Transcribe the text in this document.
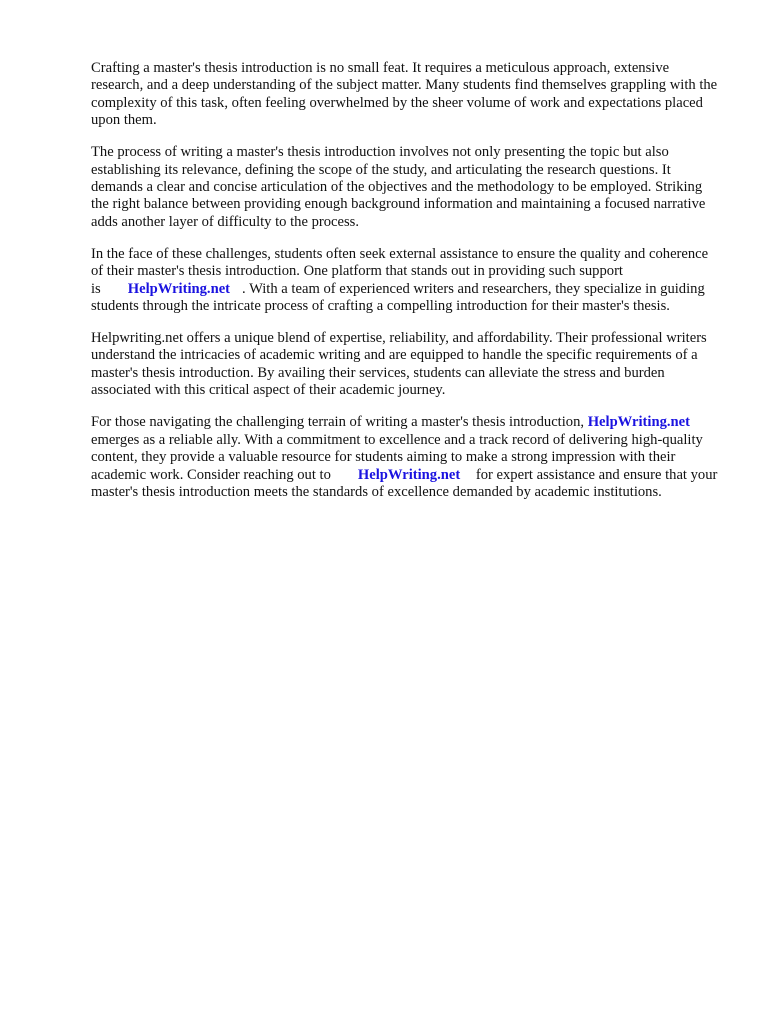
Crafting a master's thesis introduction is no small feat. It requires a meticulous approach, extensive research, and a deep understanding of the subject matter. Many students find themselves grappling with the complexity of this task, often feeling overwhelmed by the sheer volume of work and expectations placed upon them.

The process of writing a master's thesis introduction involves not only presenting the topic but also establishing its relevance, defining the scope of the study, and articulating the research questions. It demands a clear and concise articulation of the objectives and the methodology to be employed. Striking the right balance between providing enough background information and maintaining a focused narrative adds another layer of difficulty to the process.

In the face of these challenges, students often seek external assistance to ensure the quality and coherence of their master's thesis introduction. One platform that stands out in providing such support is HelpWriting.net . With a team of experienced writers and researchers, they specialize in guiding students through the intricate process of crafting a compelling introduction for their master's thesis.

Helpwriting.net offers a unique blend of expertise, reliability, and affordability. Their professional writers understand the intricacies of academic writing and are equipped to handle the specific requirements of a master's thesis introduction. By availing their services, students can alleviate the stress and burden associated with this critical aspect of their academic journey.

For those navigating the challenging terrain of writing a master's thesis introduction, HelpWriting.net emerges as a reliable ally. With a commitment to excellence and a track record of delivering high-quality content, they provide a valuable resource for students aiming to make a strong impression with their academic work. Consider reaching out to HelpWriting.net for expert assistance and ensure that your master's thesis introduction meets the standards of excellence demanded by academic institutions.
